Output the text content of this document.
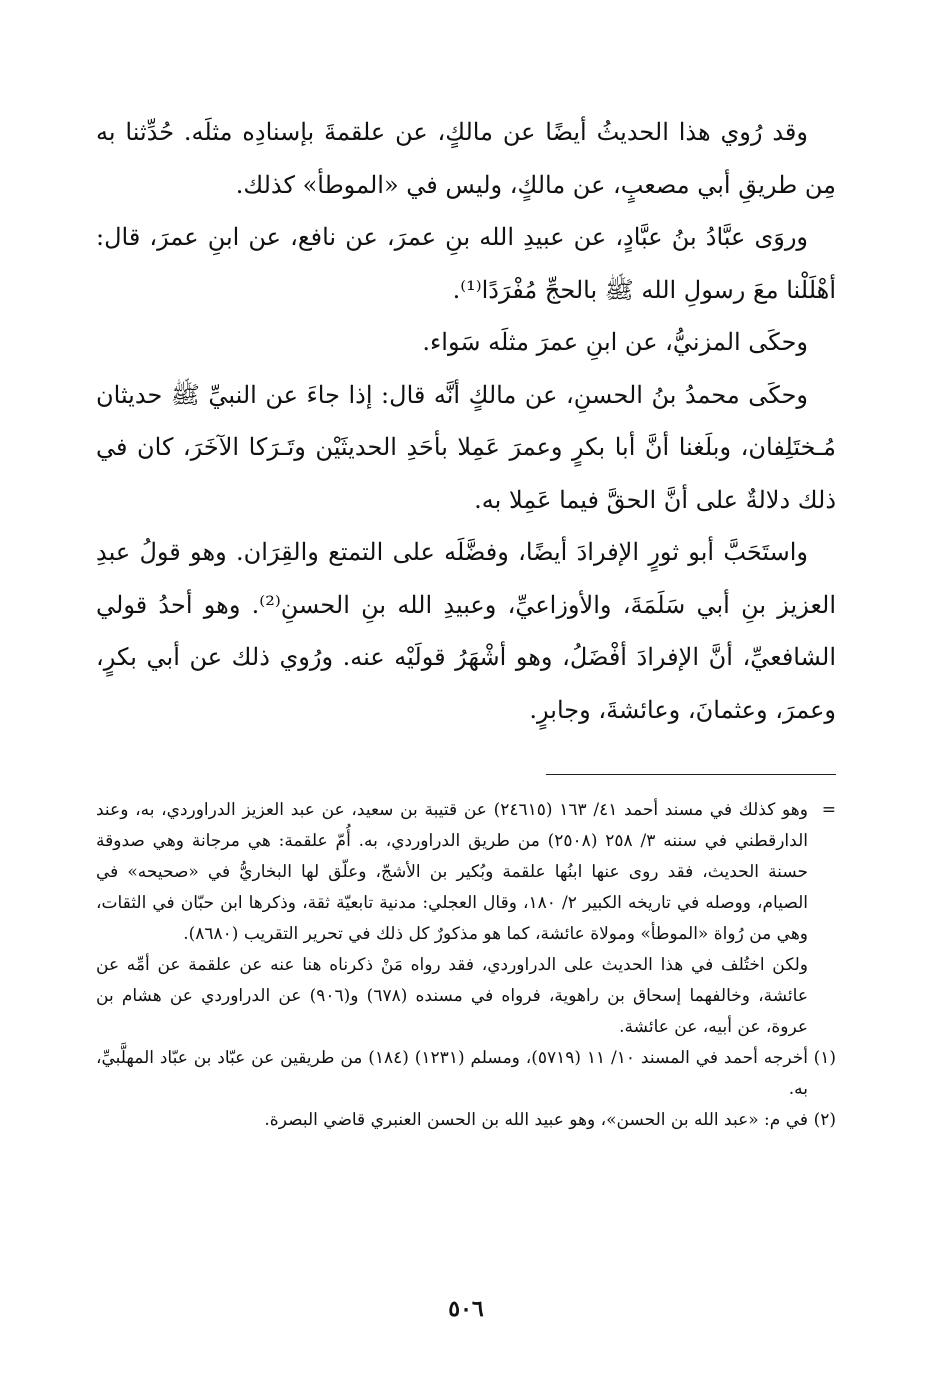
وقد رُوي هذا الحديثُ أيضًا عن مالكٍ، عن علقمةَ بإسنادِه مثلَه. حُدِّثنا به مِن طريقِ أبي مصعبٍ، عن مالكٍ، وليس في «الموطأ» كذلك.

وروَى عبَّادُ بنُ عبَّادٍ، عن عبيدِ الله بنِ عمرَ، عن نافع، عن ابنِ عمرَ، قال: أهْلَلْنا معَ رسولِ الله ﷺ بالحجِّ مُفْرَدًا⁽¹⁾.

وحكَى المزنيُّ، عن ابنِ عمرَ مثلَه سَواء.

وحكَى محمدُ بنُ الحسنِ، عن مالكٍ أنَّه قال: إذا جاءَ عن النبيِّ ﷺ حديثان مُـختَلِفان، وبلَغنا أنَّ أبا بكرٍ وعمرَ عَمِلا بأحَدِ الحديثَيْن وتَـرَكا الآخَرَ، كان في ذلك دلالةٌ على أنَّ الحقَّ فيما عَمِلا به.

واستَحَبَّ أبو ثورٍ الإفرادَ أيضًا، وفضَّلَه على التمتع والقِرَان. وهو قولُ عبدِ العزيز بنِ أبي سَلَمَةَ، والأوزاعيِّ، وعبيدِ الله بنِ الحسنِ⁽²⁾. وهو أحدُ قولي الشافعيِّ، أنَّ الإفرادَ أفْضَلُ، وهو أشْهَرُ قولَيْه عنه. ورُوي ذلك عن أبي بكرٍ، وعمرَ، وعثمانَ، وعائشةَ، وجابرٍ.

=وهو كذلك في مسند أحمد ٤١/ ١٦٣ (٢٤٦١٥) عن قتيبة بن سعيد، عن عبد العزيز الدراوردي، به، وعند الدارقطني في سننه ٣/ ٢٥٨ (٢٥٠٨) من طريق الدراوردي، به. أُمّ علقمة: هي مرجانة وهي صدوقة حسنة الحديث، فقد روى عنها ابنُها علقمة وبُكير بن الأشجّ، وعلّق لها البخاريُّ في «صحيحه» في الصيام، ووصله في تاريخه الكبير ٢/ ١٨٠، وقال العجلي: مدنية تابعيّة ثقة، وذكرها ابن حبّان في الثقات، وهي من رُواة «الموطأ» ومولاة عائشة، كما هو مذكورٌ كل ذلك في تحرير التقريب (٨٦٨٠).

ولكن اختُلف في هذا الحديث على الدراوردي، فقد رواه مَنْ ذكرناه هنا عنه عن علقمة عن أمِّه عن عائشة، وخالفهما إسحاق بن راهوية، فرواه في مسنده (٦٧٨) و(٩٠٦) عن الدراوردي عن هشام بن عروة، عن أبيه، عن عائشة.

(١)أخرجه أحمد في المسند ١٠/ ١١ (٥٧١٩)، ومسلم (١٢٣١) (١٨٤) من طريقين عن عبّاد بن عبّاد المهلَّبيِّ، به.

(٢)في م: «عبد الله بن الحسن»، وهو عبيد الله بن الحسن العنبري قاضي البصرة.

٥٠٦
